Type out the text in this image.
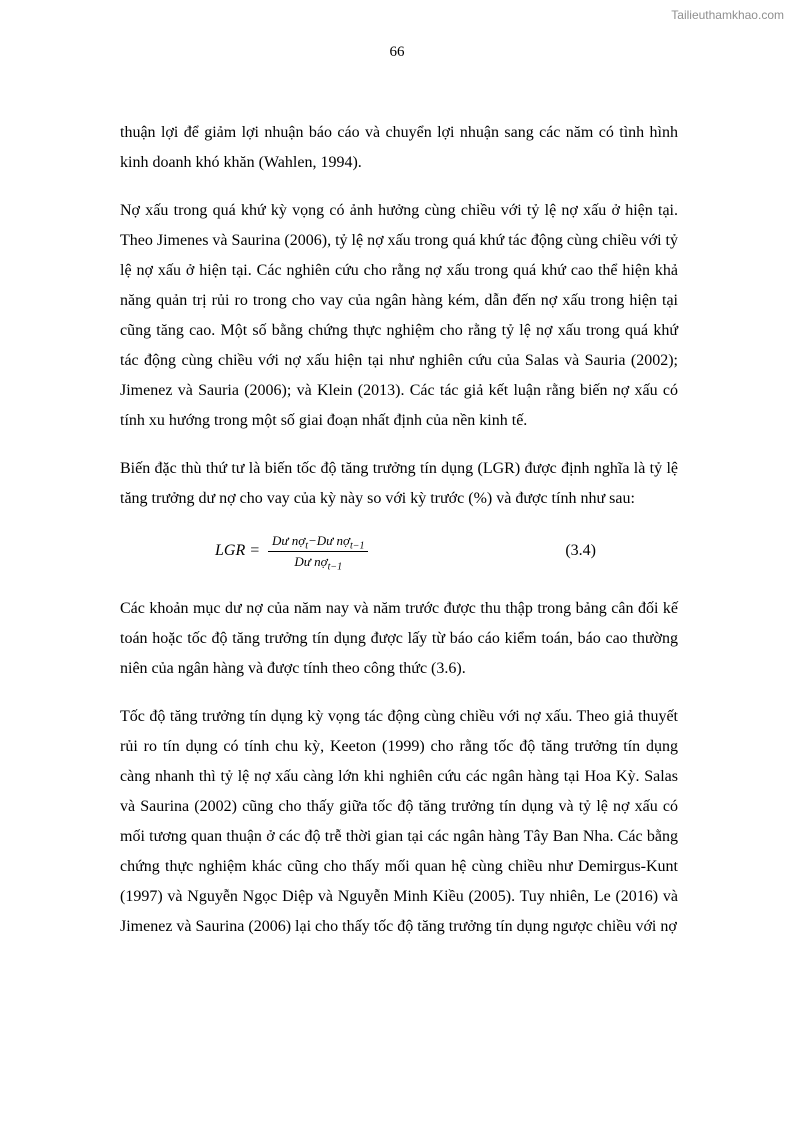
Tailieuthamkhao.com
66

thuận lợi để giảm lợi nhuận báo cáo và chuyển lợi nhuận sang các năm có tình hình kinh doanh khó khăn (Wahlen, 1994).

Nợ xấu trong quá khứ kỳ vọng có ảnh hưởng cùng chiều với tỷ lệ nợ xấu ở hiện tại. Theo Jimenes và Saurina (2006), tỷ lệ nợ xấu trong quá khứ tác động cùng chiều với tỷ lệ nợ xấu ở hiện tại. Các nghiên cứu cho rằng nợ xấu trong quá khứ cao thể hiện khả năng quản trị rủi ro trong cho vay của ngân hàng kém, dẫn đến nợ xấu trong hiện tại cũng tăng cao. Một số bằng chứng thực nghiệm cho rằng tỷ lệ nợ xấu trong quá khứ tác động cùng chiều với nợ xấu hiện tại như nghiên cứu của Salas và Sauria (2002); Jimenez và Sauria (2006); và Klein (2013). Các tác giả kết luận rằng biến nợ xấu có tính xu hướng trong một số giai đoạn nhất định của nền kinh tế.

Biến đặc thù thứ tư là biến tốc độ tăng trưởng tín dụng (LGR) được định nghĩa là tỷ lệ tăng trưởng dư nợ cho vay của kỳ này so với kỳ trước (%) và được tính như sau:

LGR = $\frac{Dư nợ_t-Dư nợ_{t-1}}{Dư nợ_{t-1}}$	(3.4)

Các khoản mục dư nợ của năm nay và năm trước được thu thập trong bảng cân đối kế toán hoặc tốc độ tăng trưởng tín dụng được lấy từ báo cáo kiểm toán, báo cao thường niên của ngân hàng và được tính theo công thức (3.6).

Tốc độ tăng trưởng tín dụng kỳ vọng tác động cùng chiều với nợ xấu. Theo giả thuyết rủi ro tín dụng có tính chu kỳ, Keeton (1999) cho rằng tốc độ tăng trưởng tín dụng càng nhanh thì tỷ lệ nợ xấu càng lớn khi nghiên cứu các ngân hàng tại Hoa Kỳ. Salas và Saurina (2002) cũng cho thấy giữa tốc độ tăng trưởng tín dụng và tỷ lệ nợ xấu có mối tương quan thuận ở các độ trễ thời gian tại các ngân hàng Tây Ban Nha. Các bằng chứng thực nghiệm khác cũng cho thấy mối quan hệ cùng chiều như Demirgus-Kunt (1997) và Nguyễn Ngọc Diệp và Nguyễn Minh Kiều (2005). Tuy nhiên, Le (2016) và Jimenez và Saurina (2006) lại cho thấy tốc độ tăng trưởng tín dụng ngược chiều với nợ
